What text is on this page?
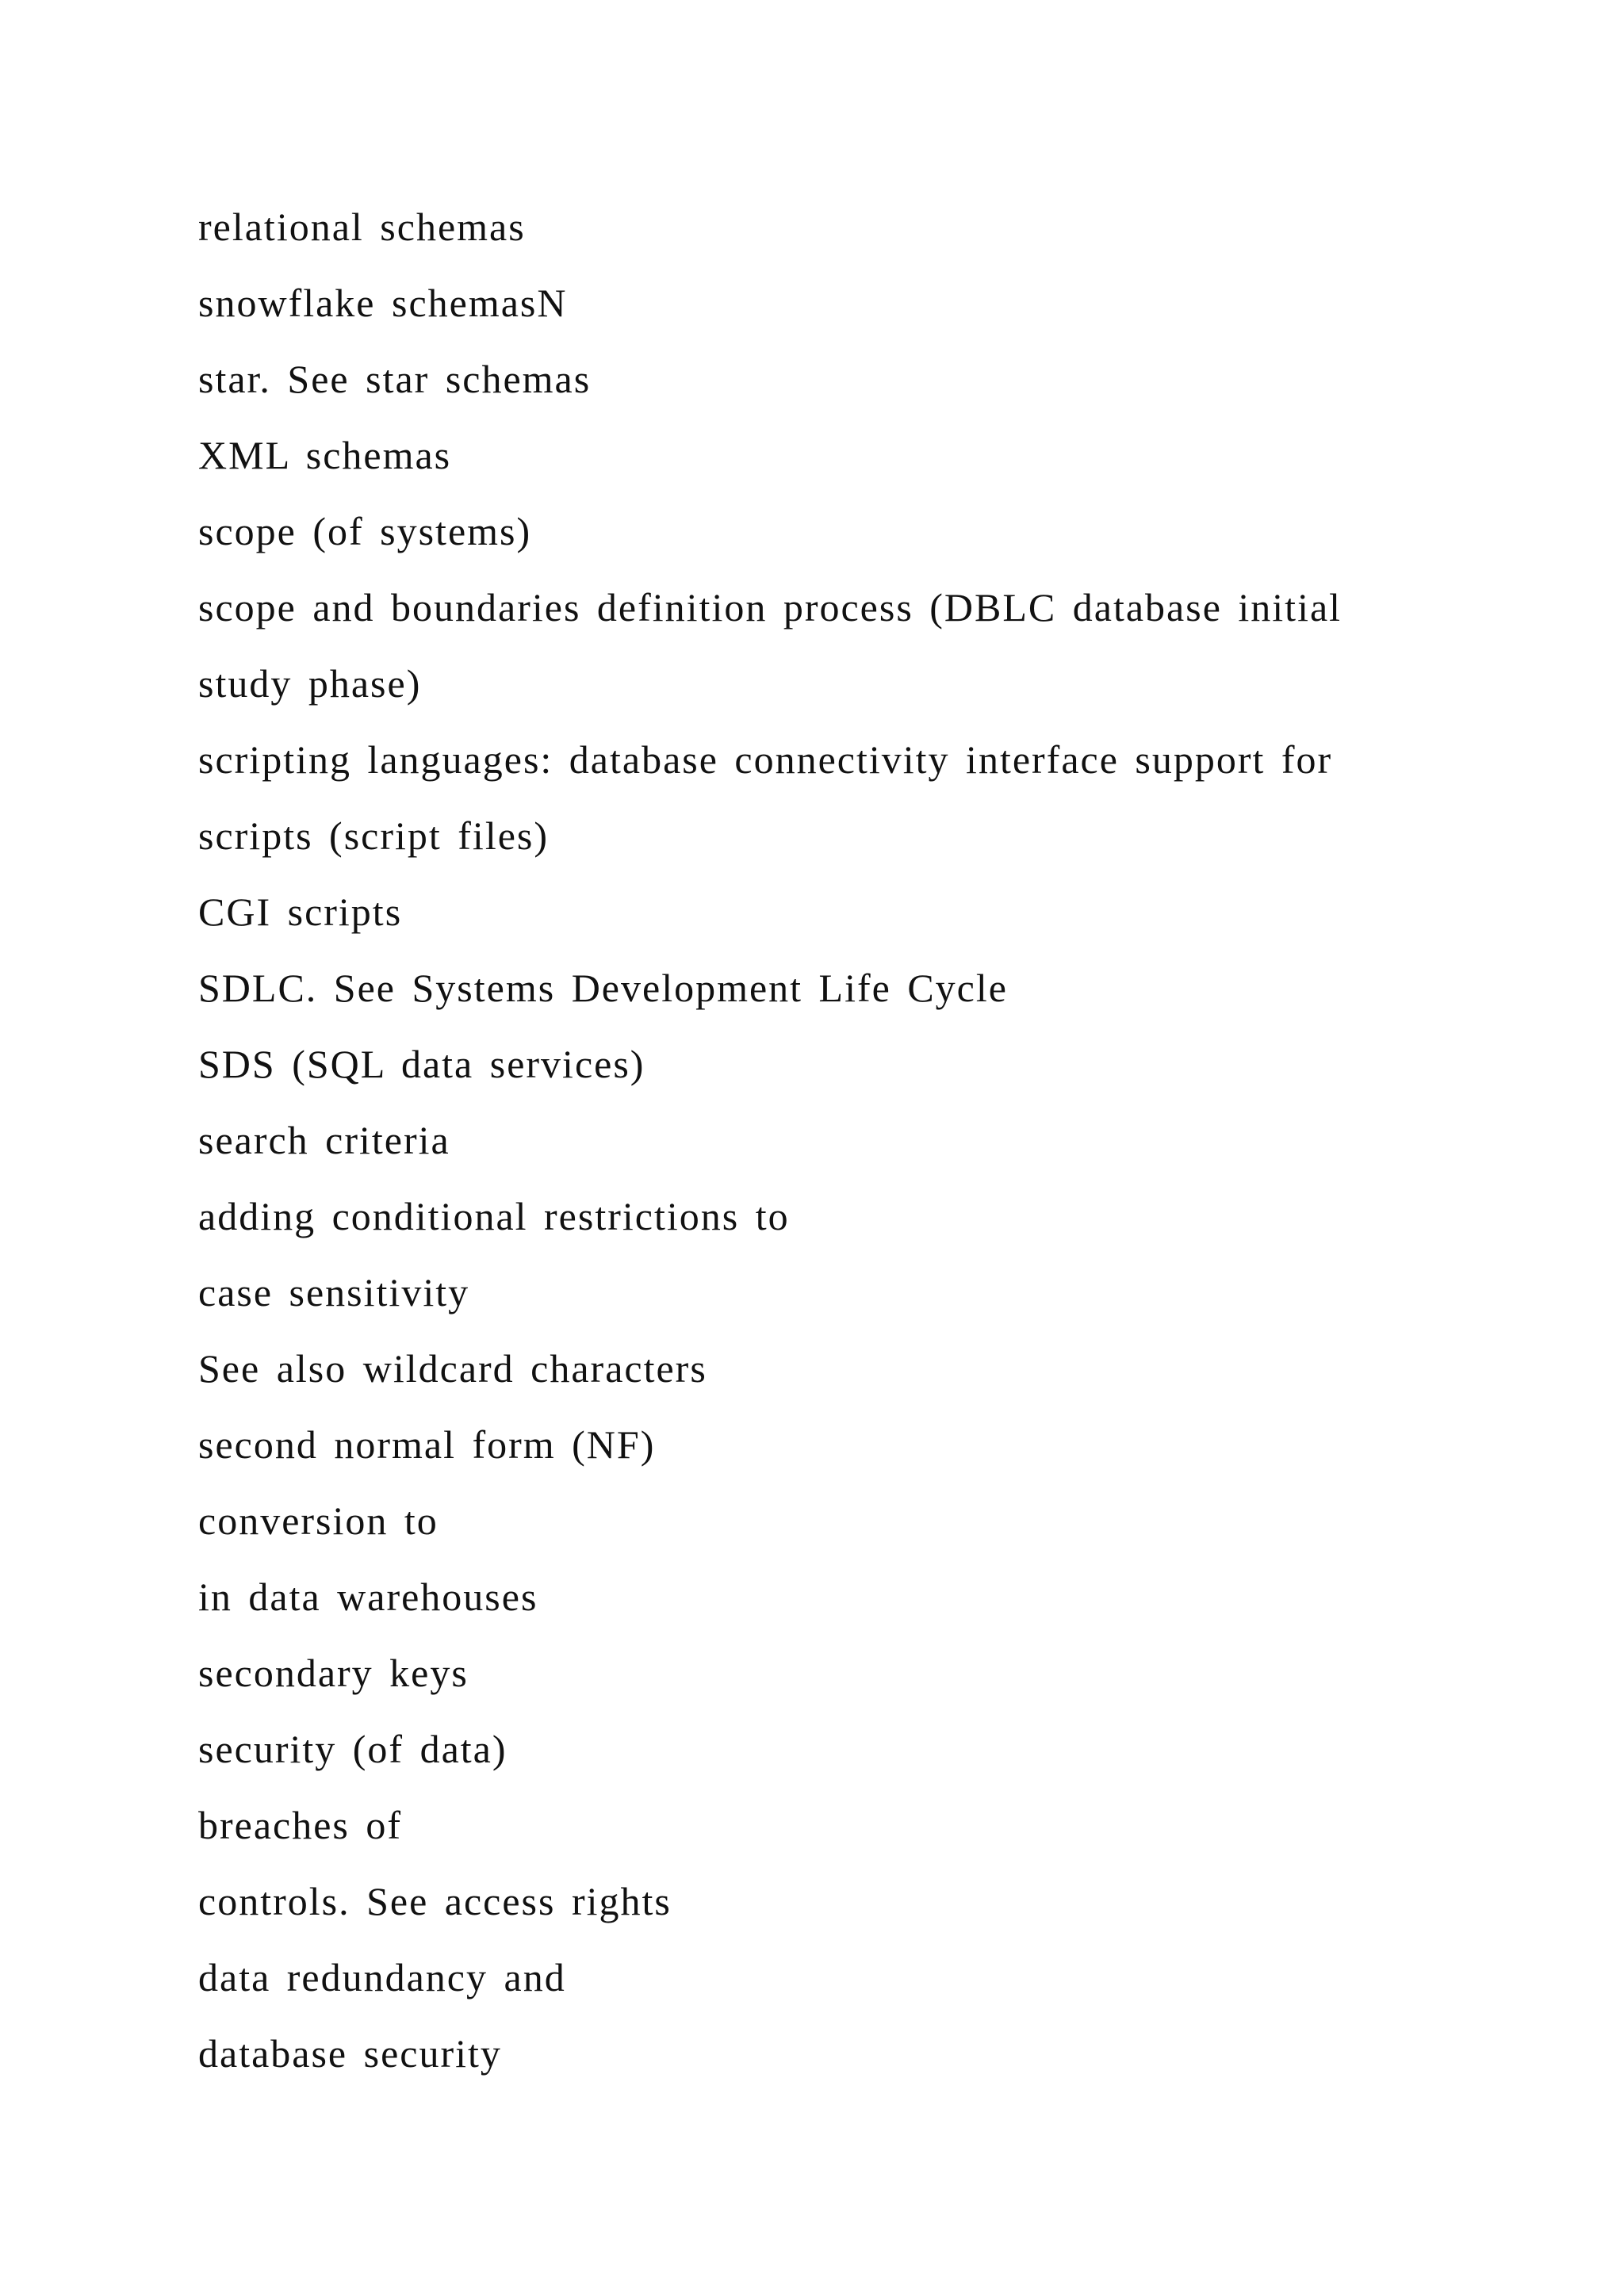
relational schemas
snowflake schemasN
star. See star schemas
XML schemas
scope (of systems)
scope and boundaries definition process (DBLC database initial
study phase)
scripting languages: database connectivity interface support for
scripts (script files)
CGI scripts
SDLC. See Systems Development Life Cycle
SDS (SQL data services)
search criteria
adding conditional restrictions to
case sensitivity
See also wildcard characters
second normal form (NF)
conversion to
in data warehouses
secondary keys
security (of data)
breaches of
controls. See access rights
data redundancy and
database security
